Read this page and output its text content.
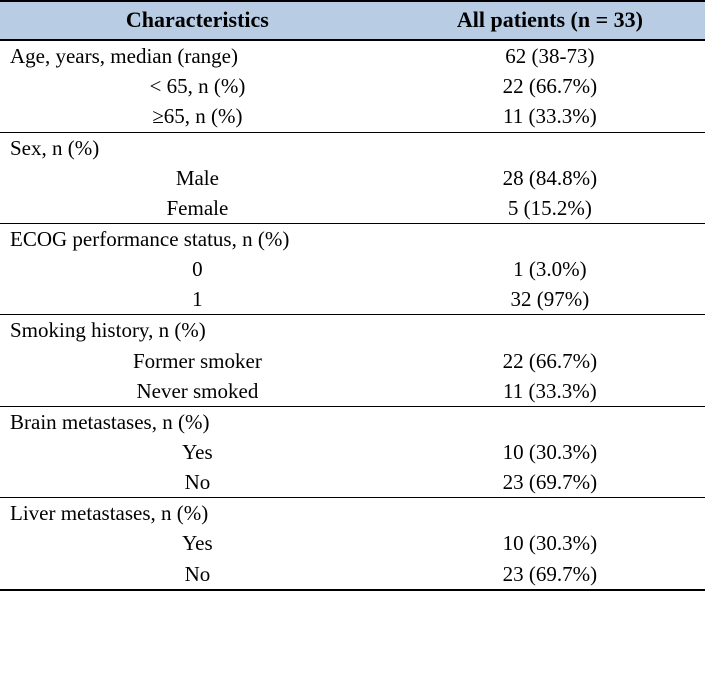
Characteristics	All patients (n = 33)
Age, years, median (range)	62 (38-73)
< 65, n (%)	22 (66.7%)
≥65, n (%)	11 (33.3%)
Sex, n (%)	
Male	28 (84.8%)
Female	5 (15.2%)
ECOG performance status, n (%)	
0	1 (3.0%)
1	32 (97%)
Smoking history, n (%)	
Former smoker	22 (66.7%)
Never smoked	11 (33.3%)
Brain metastases, n (%)	
Yes	10 (30.3%)
No	23 (69.7%)
Liver metastases, n (%)	
Yes	10 (30.3%)
No	23 (69.7%)
